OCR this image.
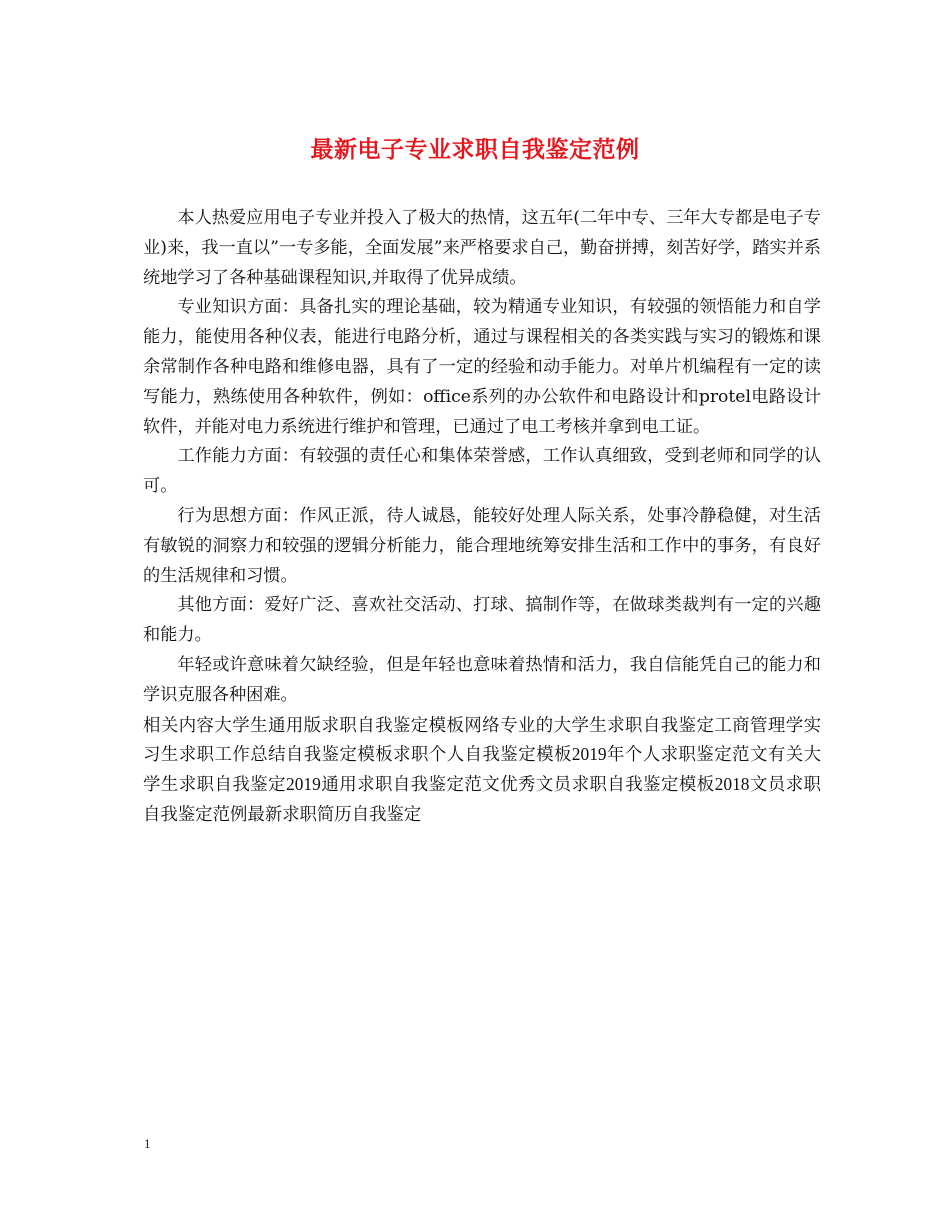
最新电子专业求职自我鉴定范例

本人热爱应用电子专业并投入了极大的热情，这五年(二年中专、三年大专都是电子专业)来，我一直以”一专多能，全面发展”来严格要求自己，勤奋拼搏，刻苦好学，踏实并系统地学习了各种基础课程知识,并取得了优异成绩。

专业知识方面：具备扎实的理论基础，较为精通专业知识，有较强的领悟能力和自学能力，能使用各种仪表，能进行电路分析，通过与课程相关的各类实践与实习的锻炼和课余常制作各种电路和维修电器，具有了一定的经验和动手能力。对单片机编程有一定的读写能力，熟练使用各种软件，例如：office系列的办公软件和电路设计和protel电路设计软件，并能对电力系统进行维护和管理，已通过了电工考核并拿到电工证。

工作能力方面：有较强的责任心和集体荣誉感，工作认真细致，受到老师和同学的认可。

行为思想方面：作风正派，待人诚恳，能较好处理人际关系，处事冷静稳健，对生活有敏锐的洞察力和较强的逻辑分析能力，能合理地统筹安排生活和工作中的事务，有良好的生活规律和习惯。

其他方面：爱好广泛、喜欢社交活动、打球、搞制作等，在做球类裁判有一定的兴趣和能力。

年轻或许意味着欠缺经验，但是年轻也意味着热情和活力，我自信能凭自己的能力和学识克服各种困难。

相关内容大学生通用版求职自我鉴定模板网络专业的大学生求职自我鉴定工商管理学实习生求职工作总结自我鉴定模板求职个人自我鉴定模板2019年个人求职鉴定范文有关大学生求职自我鉴定2019通用求职自我鉴定范文优秀文员求职自我鉴定模板2018文员求职自我鉴定范例最新求职简历自我鉴定

1
